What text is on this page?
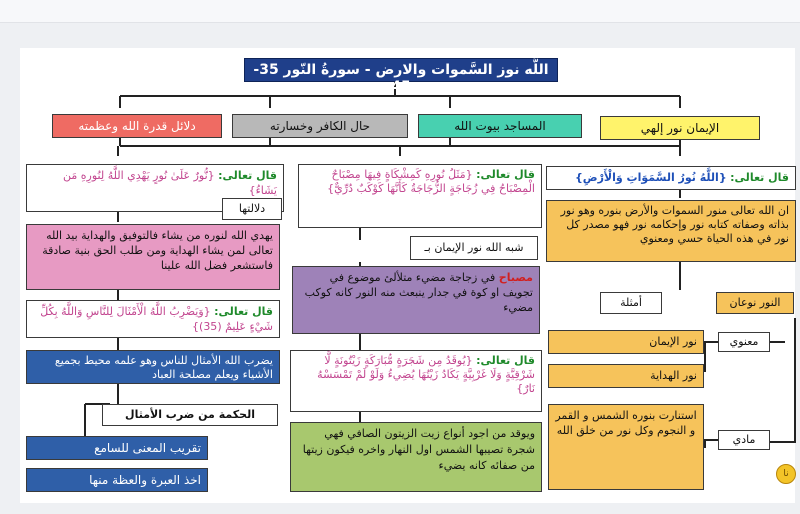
اللَّه نوز السَّموات والارض - سورةُ النّور 35-45
الإيمان نور إلهي
المساجد بيوت الله
حال الكافر وخسارته
دلائل قدرة الله وعظمته
قال تعالى: {اللَّهُ نُورُ السَّمَوَاتِ وَالْأَرْضِ}
ان الله تعالى منور السموات والأرض بنوره وهو نور بذاته وصفاته كتابه نور وإحكامه نور فهو مصدر كل نور في هذه الحياة حسي ومعنوي
النور نوعان
أمثلة
معنوي
نور الإيمان
نور الهداية
مادي
استنارت بنوره الشمس و القمر و النجوم وكل نور من خلق الله
قال تعالى: {مَثَلُ نُورِهِ كَمِشْكَاةٍ فِيهَا مِصْبَاحٌ الْمِصْبَاحُ فِي زُجَاجَةٍ الزُّجَاجَةُ كَأَنَّهَا كَوْكَبٌ دُرِّيٌّ}
شبه الله نور الإيمان بـ
مصباح في زجاجة مضيء متلألئ موضوع في تجويف او كوة في جدار ينبعث منه النور كانه كوكب مضيء
قال تعالى: {يُوقَدُ مِن شَجَرَةٍ مُّبَارَكَةٍ زَيْتُونَةٍ لَّا شَرْقِيَّةٍ وَلَا غَرْبِيَّةٍ يَكَادُ زَيْتُهَا يُضِيءُ وَلَوْ لَمْ تَمْسَسْهُ نَارٌ}
ويوقد من اجود أنواع زيت الزيتون الصافي فهي شجرة تصيبها الشمس اول النهار واخره فيكون زيتها من صفائه كانه يضيء
قال تعالى: {نُّورٌ عَلَىٰ نُورٍ يَهْدِي اللَّهُ لِنُورِهِ مَن يَشَاءُ}
دلالتها
يهدي الله لنوره من يشاء فالتوفيق والهداية بيد الله تعالى لمن يشاء الهداية ومن طلب الحق بنية صادقة فاستشعر فضل الله علينا
قال تعالى: {وَيَضْرِبُ اللَّهُ الْأَمْثَالَ لِلنَّاسِ وَاللَّهُ بِكُلِّ شَيْءٍ عَلِيمٌ (35)}
يضرب الله الأمثال للناس وهو علمه محيط بجميع الأشياء ويعلم مصلحة العباد
الحكمة من ضرب الأمثال
تقريب المعنى للسامع
اخذ العبرة والعظة منها	نا
